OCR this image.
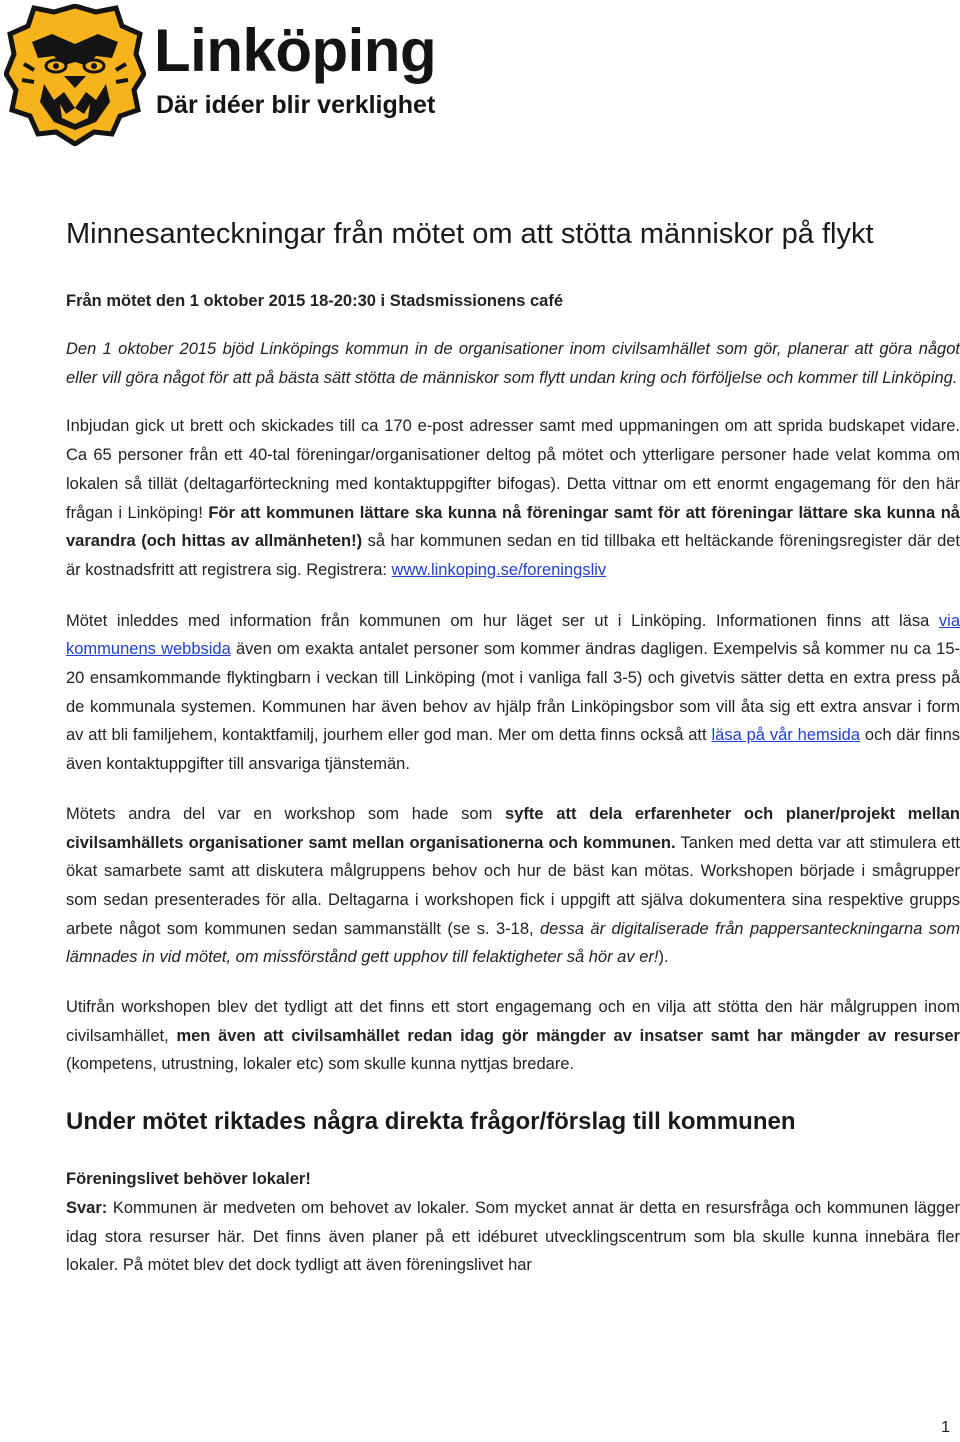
Linköping
Där idéer blir verklighet
Minnesanteckningar från mötet om att stötta människor på flykt
Från mötet den 1 oktober 2015 18-20:30 i Stadsmissionens café

Den 1 oktober 2015 bjöd Linköpings kommun in de organisationer inom civilsamhället som gör, planerar att göra något eller vill göra något för att på bästa sätt stötta de människor som flytt undan kring och förföljelse och kommer till Linköping.

Inbjudan gick ut brett och skickades till ca 170 e-post adresser samt med uppmaningen om att sprida budskapet vidare. Ca 65 personer från ett 40-tal föreningar/organisationer deltog på mötet och ytterligare personer hade velat komma om lokalen så tillät (deltagarförteckning med kontaktuppgifter bifogas). Detta vittnar om ett enormt engagemang för den här frågan i Linköping! För att kommunen lättare ska kunna nå föreningar samt för att föreningar lättare ska kunna nå varandra (och hittas av allmänheten!) så har kommunen sedan en tid tillbaka ett heltäckande föreningsregister där det är kostnadsfritt att registrera sig. Registrera: www.linkoping.se/foreningsliv

Mötet inleddes med information från kommunen om hur läget ser ut i Linköping. Informationen finns att läsa via kommunens webbsida även om exakta antalet personer som kommer ändras dagligen. Exempelvis så kommer nu ca 15-20 ensamkommande flyktingbarn i veckan till Linköping (mot i vanliga fall 3-5) och givetvis sätter detta en extra press på de kommunala systemen. Kommunen har även behov av hjälp från Linköpingsbor som vill åta sig ett extra ansvar i form av att bli familjehem, kontaktfamilj, jourhem eller god man. Mer om detta finns också att läsa på vår hemsida och där finns även kontaktuppgifter till ansvariga tjänstemän.

Mötets andra del var en workshop som hade som syfte att dela erfarenheter och planer/projekt mellan civilsamhällets organisationer samt mellan organisationerna och kommunen. Tanken med detta var att stimulera ett ökat samarbete samt att diskutera målgruppens behov och hur de bäst kan mötas. Workshopen började i smågrupper som sedan presenterades för alla. Deltagarna i workshopen fick i uppgift att själva dokumentera sina respektive grupps arbete något som kommunen sedan sammanställt (se s. 3-18, dessa är digitaliserade från pappersanteckningarna som lämnades in vid mötet, om missförstånd gett upphov till felaktigheter så hör av er!).

Utifrån workshopen blev det tydligt att det finns ett stort engagemang och en vilja att stötta den här målgruppen inom civilsamhället, men även att civilsamhället redan idag gör mängder av insatser samt har mängder av resurser (kompetens, utrustning, lokaler etc) som skulle kunna nyttjas bredare.

Under mötet riktades några direkta frågor/förslag till kommunen

Föreningslivet behöver lokaler!

Svar: Kommunen är medveten om behovet av lokaler. Som mycket annat är detta en resursfråga och kommunen lägger idag stora resurser här. Det finns även planer på ett idéburet utvecklingscentrum som bla skulle kunna innebära fler lokaler. På mötet blev det dock tydligt att även föreningslivet har

1
